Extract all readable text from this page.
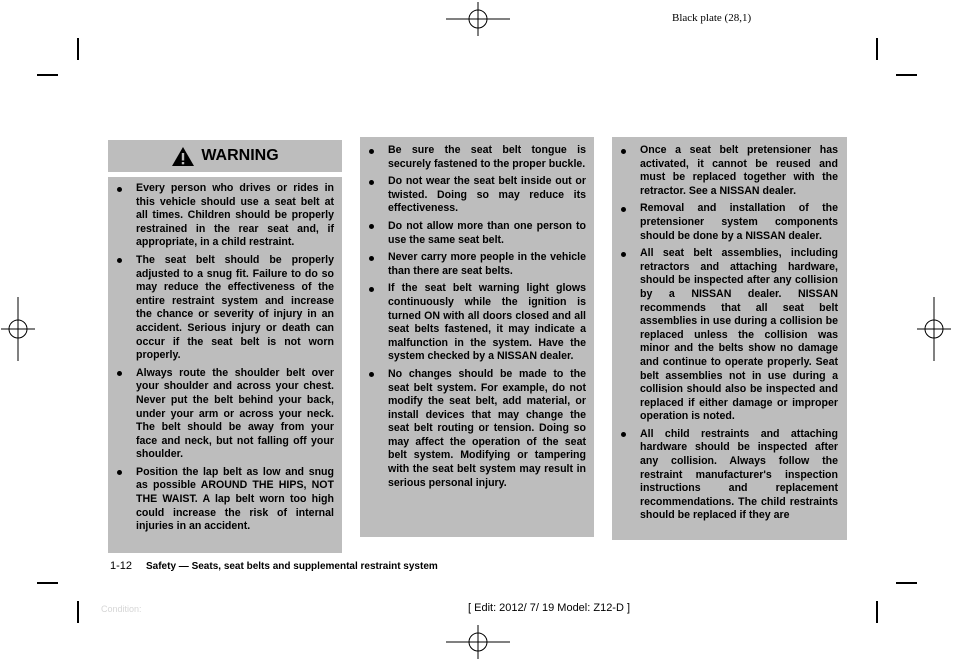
Black plate (28,1)
WARNING
Every person who drives or rides in this vehicle should use a seat belt at all times. Children should be properly restrained in the rear seat and, if appropriate, in a child restraint.
The seat belt should be properly adjusted to a snug fit. Failure to do so may reduce the effectiveness of the entire restraint system and increase the chance or severity of injury in an accident. Serious injury or death can occur if the seat belt is not worn properly.
Always route the shoulder belt over your shoulder and across your chest. Never put the belt behind your back, under your arm or across your neck. The belt should be away from your face and neck, but not falling off your shoulder.
Position the lap belt as low and snug as possible AROUND THE HIPS, NOT THE WAIST. A lap belt worn too high could increase the risk of internal injuries in an accident.
Be sure the seat belt tongue is securely fastened to the proper buckle.
Do not wear the seat belt inside out or twisted. Doing so may reduce its effectiveness.
Do not allow more than one person to use the same seat belt.
Never carry more people in the vehicle than there are seat belts.
If the seat belt warning light glows continuously while the ignition is turned ON with all doors closed and all seat belts fastened, it may indicate a malfunction in the system. Have the system checked by a NISSAN dealer.
No changes should be made to the seat belt system. For example, do not modify the seat belt, add material, or install devices that may change the seat belt routing or tension. Doing so may affect the operation of the seat belt system. Modifying or tampering with the seat belt system may result in serious personal injury.
Once a seat belt pretensioner has activated, it cannot be reused and must be replaced together with the retractor. See a NISSAN dealer.
Removal and installation of the pretensioner system components should be done by a NISSAN dealer.
All seat belt assemblies, including retractors and attaching hardware, should be inspected after any collision by a NISSAN dealer. NISSAN recommends that all seat belt assemblies in use during a collision be replaced unless the collision was minor and the belts show no damage and continue to operate properly. Seat belt assemblies not in use during a collision should also be inspected and replaced if either damage or improper operation is noted.
All child restraints and attaching hardware should be inspected after any collision. Always follow the restraint manufacturer's inspection instructions and replacement recommendations. The child restraints should be replaced if they are
1-12 Safety — Seats, seat belts and supplemental restraint system
Condition:	[ Edit: 2012/ 7/ 19 Model: Z12-D ]
